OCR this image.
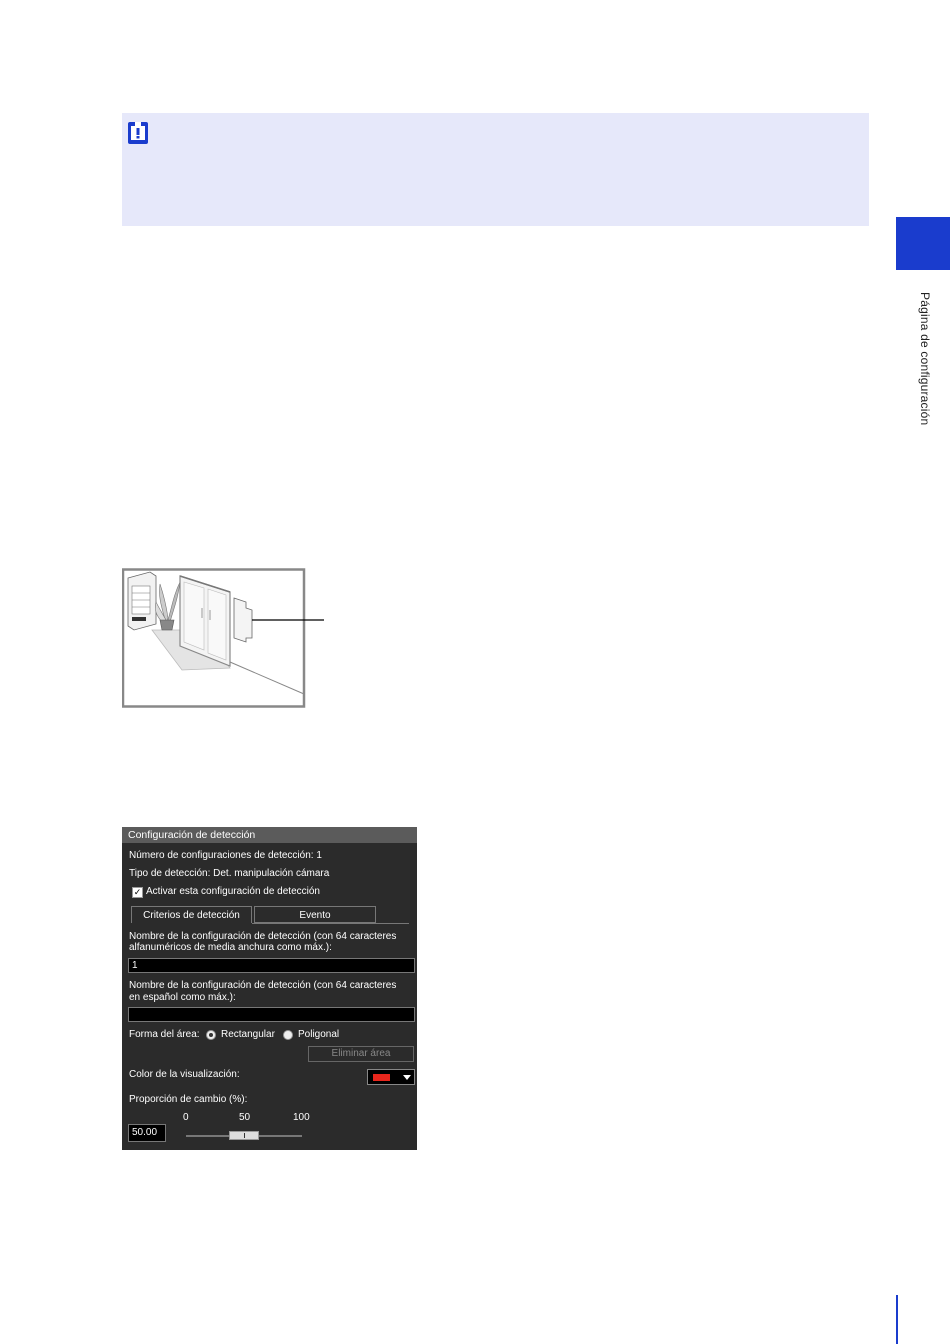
Página de configuración
Configuración de detección
Número de configuraciones de detección: 1
Tipo de detección: Det. manipulación cámara
✓ Activar esta configuración de detección
Criterios de detección	Evento
Nombre de la configuración de detección (con 64 caracteres
alfanuméricos de media anchura como máx.):
1
Nombre de la configuración de detección (con 64 caracteres
en español como máx.):
Forma del área: Rectangular Poligonal
Eliminar área
Color de la visualización:
Proporción de cambio (%):
0	50	100
50.00
